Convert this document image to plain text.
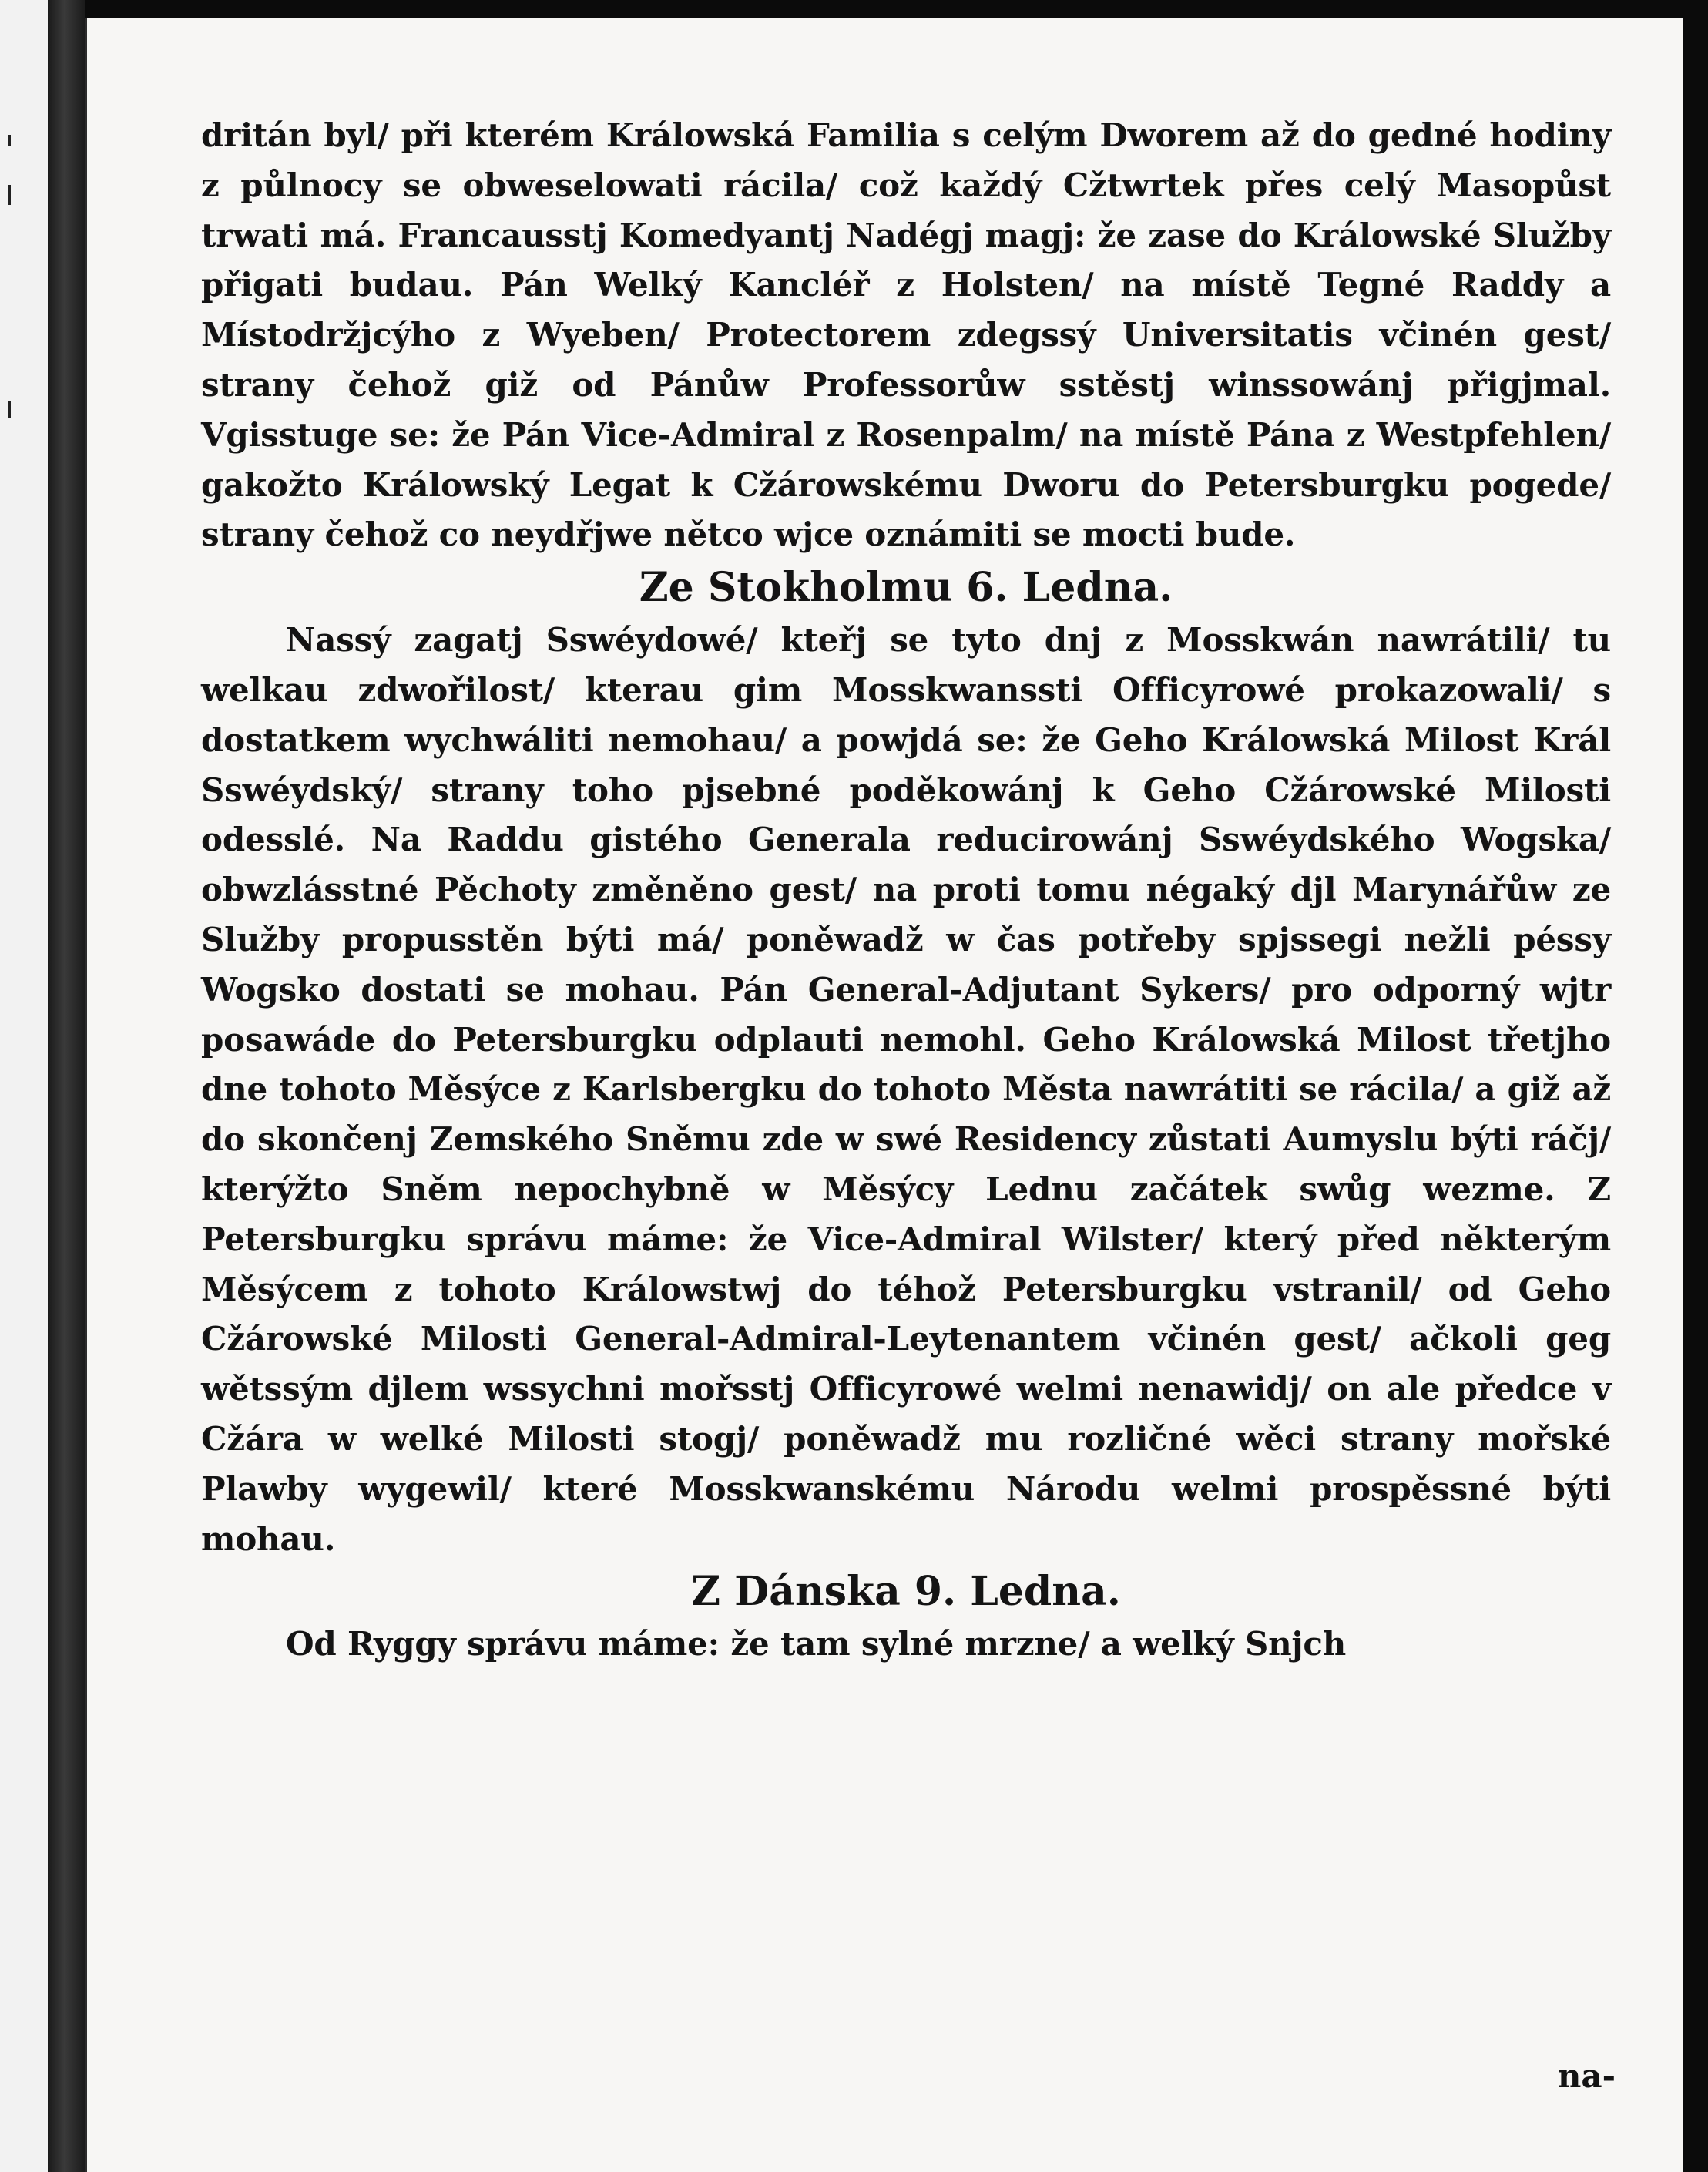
dritán byl/ při kterém Králowská Familia s celým Dworem až do gedné hodiny z půlnocy se obweselowati rácila/ což každý Cžtwrtek přes celý Masopůst trwati má. Francausstj Komedyantj Nadégj magj: že zase do Králowské Služby přigati budau. Pán Welký Kancléř z Holsten/ na místě Tegné Raddy a Místodržjcýho z Wyeben/ Protectorem zdegssý Universitatis včinén gest/ strany čehož giž od Pánůw Professorůw sstěstj winssowánj přigjmal. Vgisstuge se: že Pán Vice-Admiral z Rosenpalm/ na místě Pána z Westpfehlen/ gakožto Králowský Legat k Cžárowskému Dworu do Petersburgku pogede/ strany čehož co neydřjwe nětco wjce oznámiti se mocti bude.

Ze Stokholmu 6. Ledna.

Nassý zagatj Sswéydowé/ kteřj se tyto dnj z Mosskwán nawrátili/ tu welkau zdwořilost/ kterau gim Mosskwanssti Officyrowé prokazowali/ s dostatkem wychwáliti nemohau/ a powjdá se: že Geho Králowská Milost Král Sswéydský/ strany toho pjsebné poděkowánj k Geho Cžárowské Milosti odesslé. Na Raddu gistého Generala reducirowánj Sswéydského Wogska/ obwzlásstné Pěchoty změněno gest/ na proti tomu négaký djl Marynářůw ze Služby propusstěn býti má/ poněwadž w čas potřeby spjssegi nežli péssy Wogsko dostati se mohau. Pán General-Adjutant Sykers/ pro odporný wjtr posawáde do Petersburgku odplauti nemohl. Geho Králowská Milost třetjho dne tohoto Měsýce z Karlsbergku do tohoto Města nawrátiti se rácila/ a giž až do skončenj Zemského Sněmu zde w swé Residency zůstati Aumyslu býti ráčj/ kterýžto Sněm nepochybně w Měsýcy Lednu začátek swůg wezme. Z Petersburgku správu máme: že Vice-Admiral Wilster/ který před některým Měsýcem z tohoto Králowstwj do téhož Petersburgku vstranil/ od Geho Cžárowské Milosti General-Admiral-Leytenantem včinén gest/ ačkoli geg wětssým djlem wssychni mořsstj Officyrowé welmi nenawidj/ on ale předce v Cžára w welké Milosti stogj/ poněwadž mu rozličné wěci strany mořské Plawby wygewil/ které Mosskwanskému Národu welmi prospěssné býti mohau.

Z Dánska 9. Ledna.

Od Ryggy správu máme: že tam sylné mrzne/ a welký Snjch

na-
